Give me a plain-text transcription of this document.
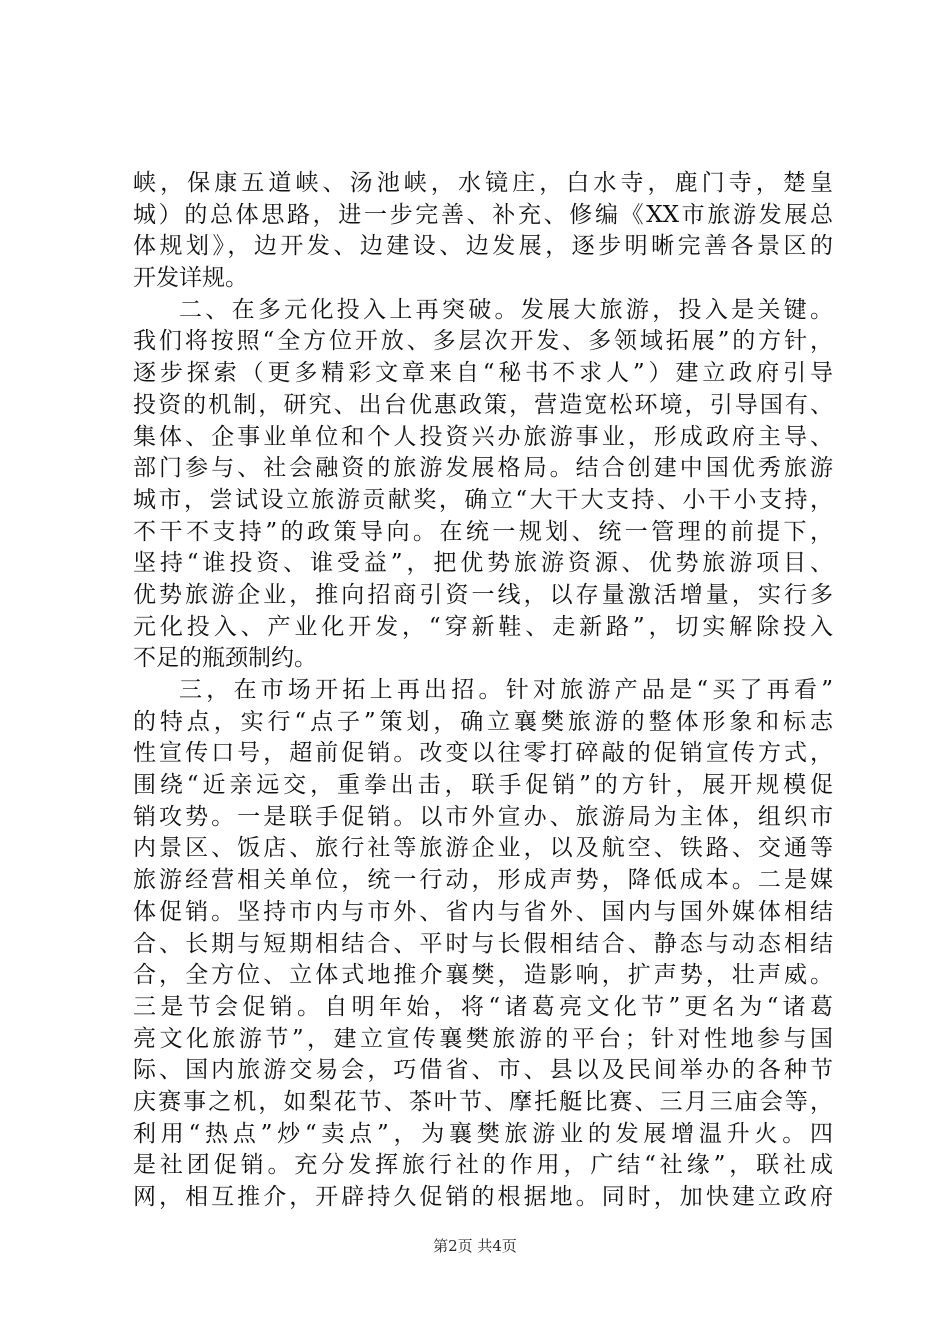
峡，保康五道峡、汤池峡，水镜庄，白水寺，鹿门寺，楚皇
城）的总体思路，进一步完善、补充、修编《XX市旅游发展总
体规划》，边开发、边建设、边发展，逐步明晰完善各景区的
开发详规。
二、在多元化投入上再突破。发展大旅游，投入是关键。
我们将按照“全方位开放、多层次开发、多领域拓展”的方针，
逐步探索（更多精彩文章来自“秘书不求人”）建立政府引导
投资的机制，研究、出台优惠政策，营造宽松环境，引导国有、
集体、企事业单位和个人投资兴办旅游事业，形成政府主导、
部门参与、社会融资的旅游发展格局。结合创建中国优秀旅游
城市，尝试设立旅游贡献奖，确立“大干大支持、小干小支持，
不干不支持”的政策导向。在统一规划、统一管理的前提下，
坚持“谁投资、谁受益”，把优势旅游资源、优势旅游项目、
优势旅游企业，推向招商引资一线，以存量激活增量，实行多
元化投入、产业化开发，“穿新鞋、走新路”，切实解除投入
不足的瓶颈制约。
三，在市场开拓上再出招。针对旅游产品是“买了再看”
的特点，实行“点子”策划，确立襄樊旅游的整体形象和标志
性宣传口号，超前促销。改变以往零打碎敲的促销宣传方式，
围绕“近亲远交，重拳出击，联手促销”的方针，展开规模促
销攻势。一是联手促销。以市外宣办、旅游局为主体，组织市
内景区、饭店、旅行社等旅游企业，以及航空、铁路、交通等
旅游经营相关单位，统一行动，形成声势，降低成本。二是媒
体促销。坚持市内与市外、省内与省外、国内与国外媒体相结
合、长期与短期相结合、平时与长假相结合、静态与动态相结
合，全方位、立体式地推介襄樊，造影响，扩声势，壮声威。
三是节会促销。自明年始，将“诸葛亮文化节”更名为“诸葛
亮文化旅游节”，建立宣传襄樊旅游的平台；针对性地参与国
际、国内旅游交易会，巧借省、市、县以及民间举办的各种节
庆赛事之机，如梨花节、茶叶节、摩托艇比赛、三月三庙会等，
利用“热点”炒“卖点”，为襄樊旅游业的发展增温升火。四
是社团促销。充分发挥旅行社的作用，广结“社缘”，联社成
网，相互推介，开辟持久促销的根据地。同时，加快建立政府
第2页 共4页
